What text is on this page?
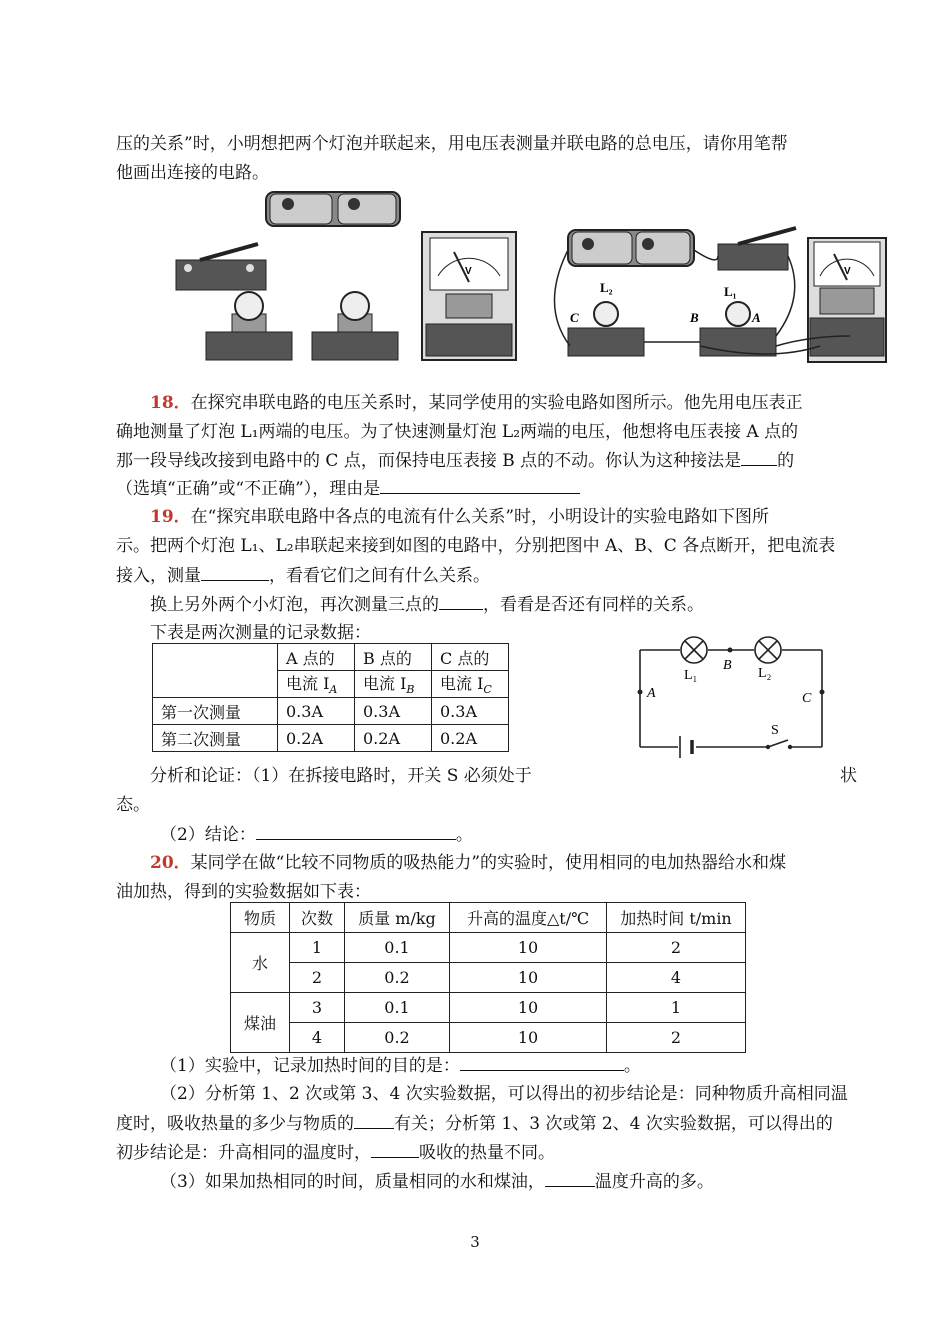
压的关系”时，小明想把两个灯泡并联起来，用电压表测量并联电路的总电压，请你用笔帮
他画出连接的电路。
V	V
L₂	L₁
C	B	A
18．在探究串联电路的电压关系时，某同学使用的实验电路如图所示。他先用电压表正
确地测量了灯泡 L₁两端的电压。为了快速测量灯泡 L₂两端的电压，他想将电压表接 A 点的
那一段导线改接到电路中的 C 点，而保持电压表接 B 点的不动。你认为这种接法是 的
（选填“正确”或“不正确”），理由是
19．在“探究串联电路中各点的电流有什么关系”时，小明设计的实验电路如下图所
示。把两个灯泡 L₁、L₂串联起来接到如图的电路中，分别把图中 A、B、C 各点断开，把电流表
接入，测量	，看看它们之间有什么关系。
换上另外两个小灯泡，再次测量三点的	，看看是否还有同样的关系。
下表是两次测量的记录数据：
	A 点的	B 点的	C 点的
	电流 $I_A$	电流 $I_B$	电流 $I_C$
第一次测量	0.3A	0.3A	0.3A
第二次测量	0.2A	0.2A	0.2A
L₁	L₂
B
A	C
S
分析和论证：（1）在拆接电路时，开关 S 必须处于	状
态。
（2）结论：	。
20．某同学在做“比较不同物质的吸热能力”的实验时，使用相同的电加热器给水和煤
油加热，得到的实验数据如下表：
物质	次数	质量 m/kg	升高的温度△t/℃	加热时间 t/min
水	1	0.1	10	2
	2	0.2	10	4
煤油	3	0.1	10	1
	4	0.2	10	2
（1）实验中，记录加热时间的目的是：	。
（2）分析第 1、2 次或第 3、4 次实验数据，可以得出的初步结论是：同种物质升高相同温
度时，吸收热量的多少与物质的 有关；分析第 1、3 次或第 2、4 次实验数据，可以得出的
初步结论是：升高相同的温度时，	吸收的热量不同。
（3）如果加热相同的时间，质量相同的水和煤油，	温度升高的多。
3
